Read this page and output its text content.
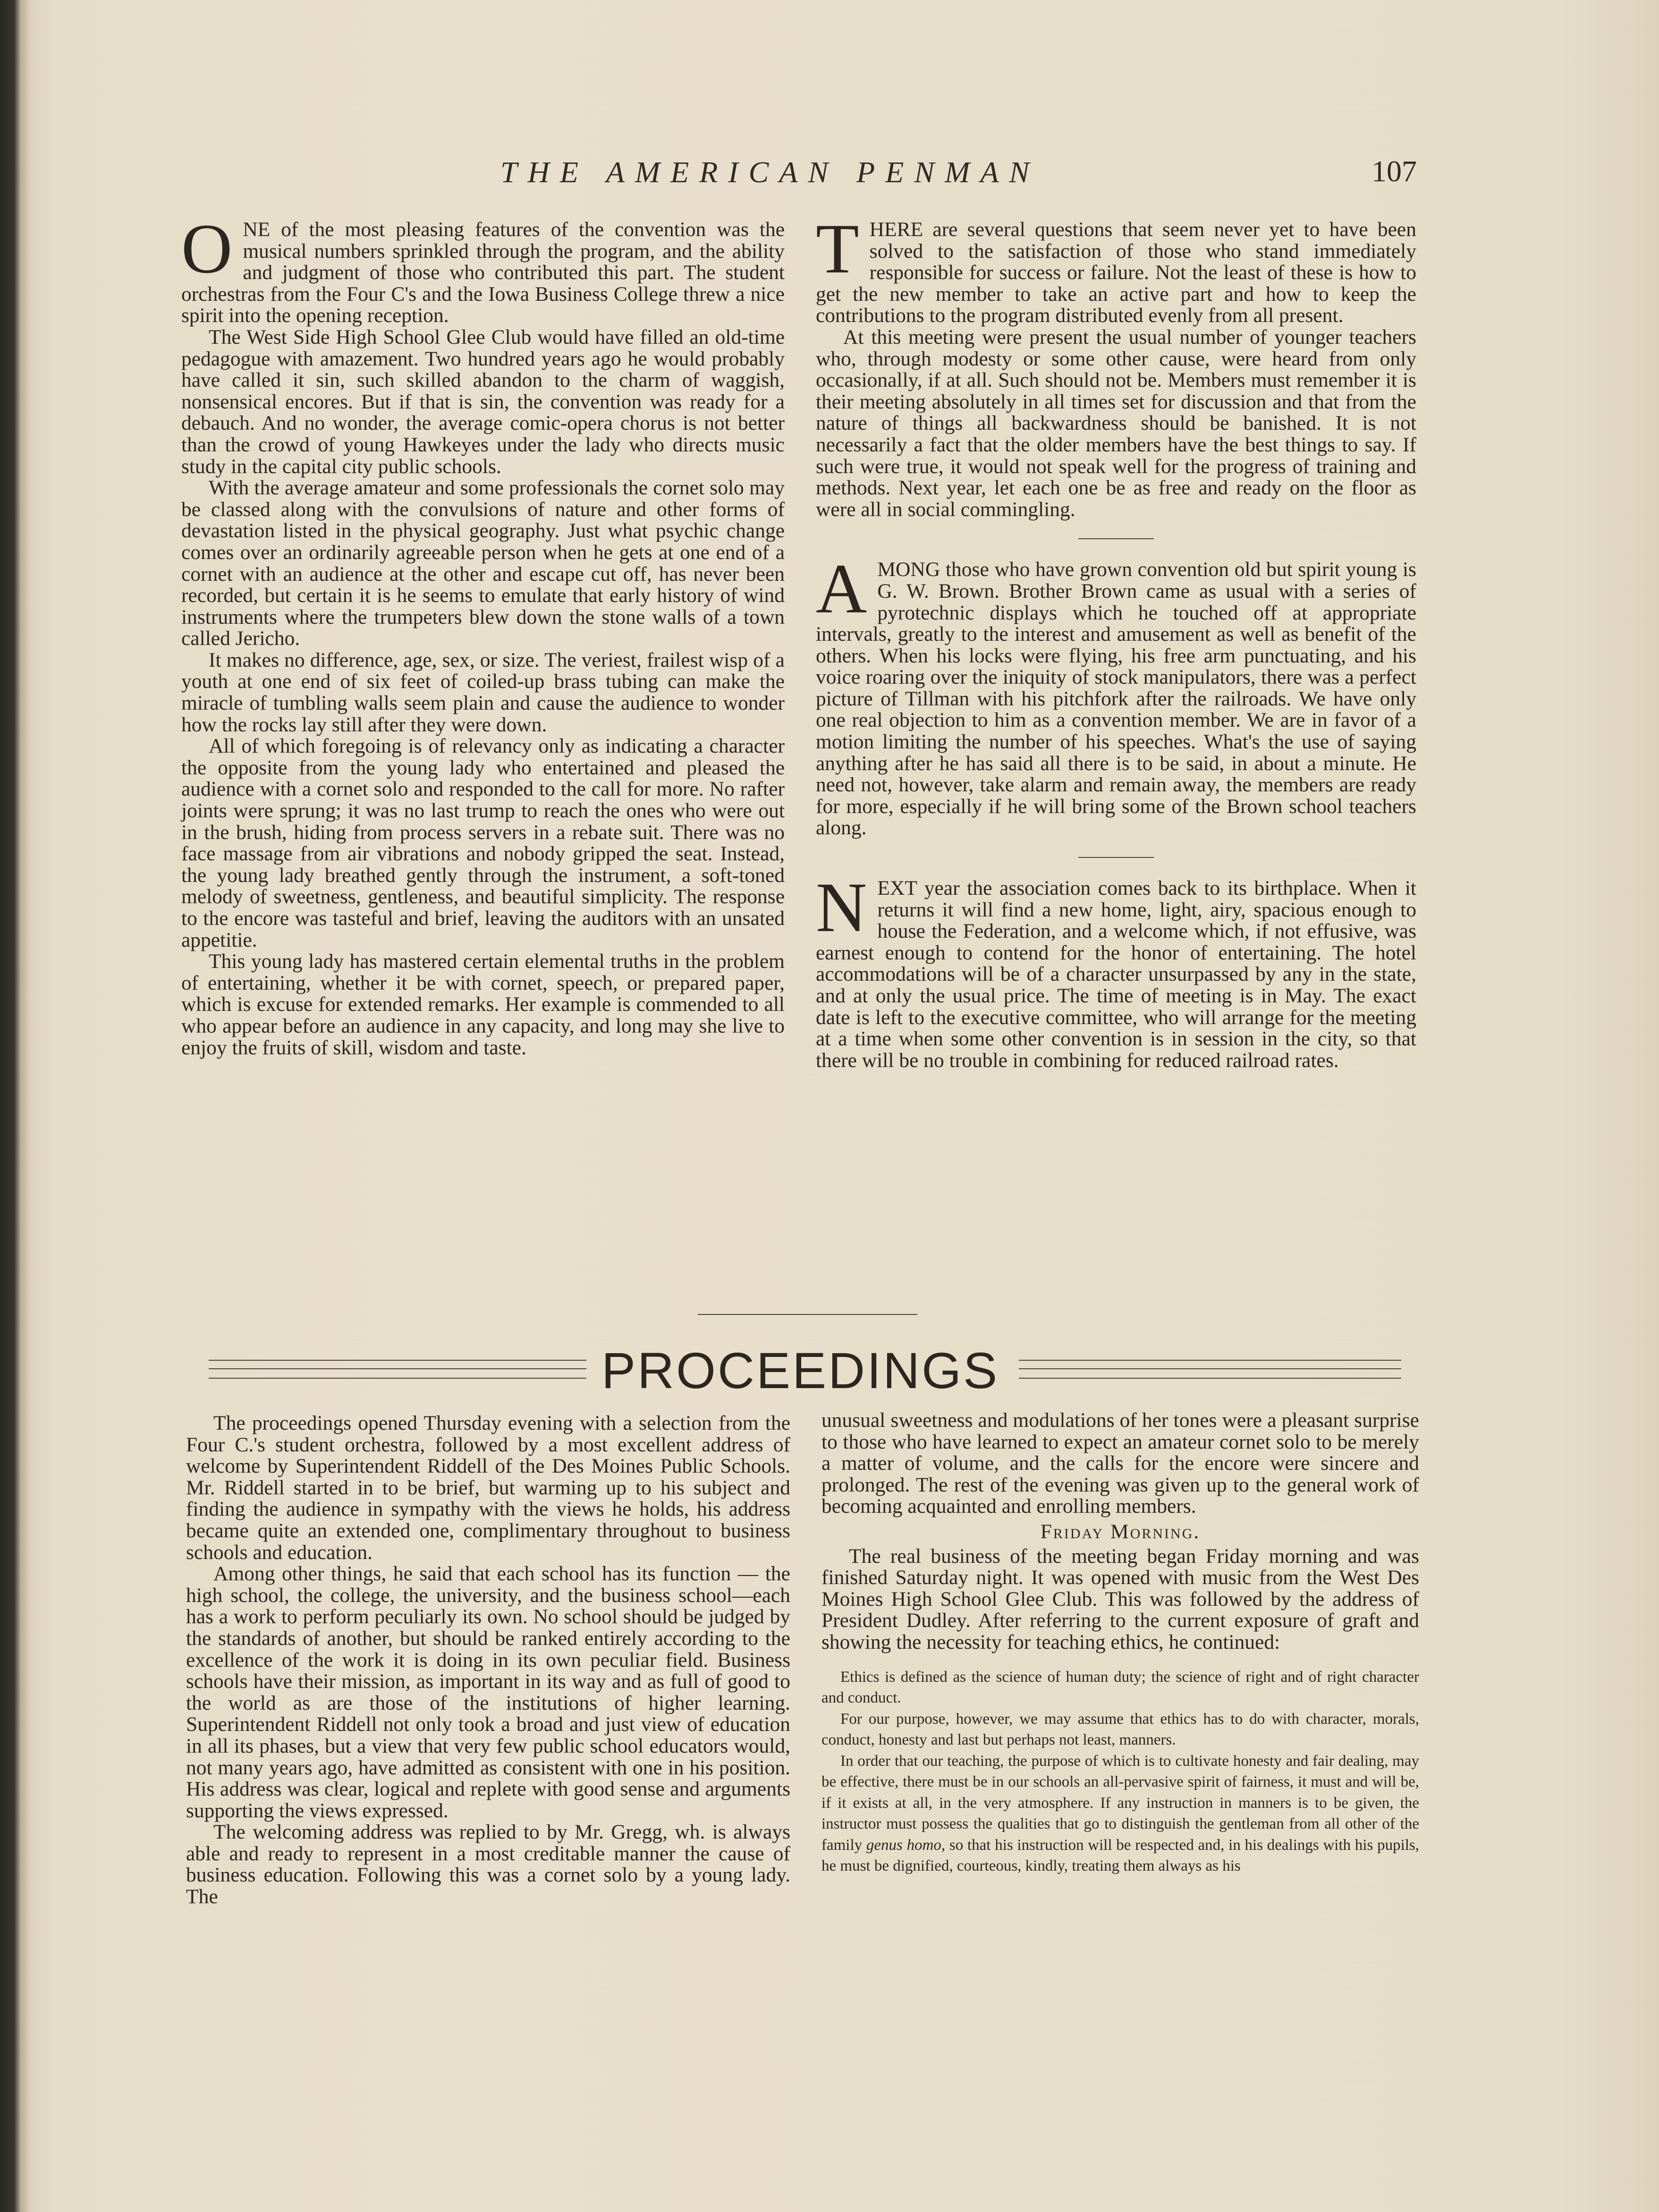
THE AMERICAN PENMAN	107

ONE of the most pleasing features of the convention was the musical numbers sprinkled through the program, and the ability and judgment of those who contributed this part. The student orchestras from the Four C's and the Iowa Business College threw a nice spirit into the opening reception.

The West Side High School Glee Club would have filled an old-time pedagogue with amazement. Two hundred years ago he would probably have called it sin, such skilled abandon to the charm of waggish, nonsensical encores. But if that is sin, the convention was ready for a debauch. And no wonder, the average comic-opera chorus is not better than the crowd of young Hawkeyes under the lady who directs music study in the capital city public schools.

With the average amateur and some professionals the cornet solo may be classed along with the convulsions of nature and other forms of devastation listed in the physical geography. Just what psychic change comes over an ordinarily agreeable person when he gets at one end of a cornet with an audience at the other and escape cut off, has never been recorded, but certain it is he seems to emulate that early history of wind instruments where the trumpeters blew down the stone walls of a town called Jericho.

It makes no difference, age, sex, or size. The veriest, frailest wisp of a youth at one end of six feet of coiled-up brass tubing can make the miracle of tumbling walls seem plain and cause the audience to wonder how the rocks lay still after they were down.

All of which foregoing is of relevancy only as indicating a character the opposite from the young lady who entertained and pleased the audience with a cornet solo and responded to the call for more. No rafter joints were sprung; it was no last trump to reach the ones who were out in the brush, hiding from process servers in a rebate suit. There was no face massage from air vibrations and nobody gripped the seat. Instead, the young lady breathed gently through the instrument, a soft-toned melody of sweetness, gentleness, and beautiful simplicity. The response to the encore was tasteful and brief, leaving the auditors with an unsated appetitie.

This young lady has mastered certain elemental truths in the problem of entertaining, whether it be with cornet, speech, or prepared paper, which is excuse for extended remarks. Her example is commended to all who appear before an audience in any capacity, and long may she live to enjoy the fruits of skill, wisdom and taste.

THERE are several questions that seem never yet to have been solved to the satisfaction of those who stand immediately responsible for success or failure. Not the least of these is how to get the new member to take an active part and how to keep the contributions to the program distributed evenly from all present.

At this meeting were present the usual number of younger teachers who, through modesty or some other cause, were heard from only occasionally, if at all. Such should not be. Members must remember it is their meeting absolutely in all times set for discussion and that from the nature of things all backwardness should be banished. It is not necessarily a fact that the older members have the best things to say. If such were true, it would not speak well for the progress of training and methods. Next year, let each one be as free and ready on the floor as were all in social commingling.

AMONG those who have grown convention old but spirit young is G. W. Brown. Brother Brown came as usual with a series of pyrotechnic displays which he touched off at appropriate intervals, greatly to the interest and amusement as well as benefit of the others. When his locks were flying, his free arm punctuating, and his voice roaring over the iniquity of stock manipulators, there was a perfect picture of Tillman with his pitchfork after the railroads. We have only one real objection to him as a convention member. We are in favor of a motion limiting the number of his speeches. What's the use of saying anything after he has said all there is to be said, in about a minute. He need not, however, take alarm and remain away, the members are ready for more, especially if he will bring some of the Brown school teachers along.

NEXT year the association comes back to its birthplace. When it returns it will find a new home, light, airy, spacious enough to house the Federation, and a welcome which, if not effusive, was earnest enough to contend for the honor of entertaining. The hotel accommodations will be of a character unsurpassed by any in the state, and at only the usual price. The time of meeting is in May. The exact date is left to the executive committee, who will arrange for the meeting at a time when some other convention is in session in the city, so that there will be no trouble in combining for reduced railroad rates.

PROCEEDINGS

The proceedings opened Thursday evening with a selection from the Four C.'s student orchestra, followed by a most excellent address of welcome by Superintendent Riddell of the Des Moines Public Schools. Mr. Riddell started in to be brief, but warming up to his subject and finding the audience in sympathy with the views he holds, his address became quite an extended one, complimentary throughout to business schools and education.

Among other things, he said that each school has its function — the high school, the college, the university, and the business school—each has a work to perform peculiarly its own. No school should be judged by the standards of another, but should be ranked entirely according to the excellence of the work it is doing in its own peculiar field. Business schools have their mission, as important in its way and as full of good to the world as are those of the institutions of higher learning. Superintendent Riddell not only took a broad and just view of education in all its phases, but a view that very few public school educators would, not many years ago, have admitted as consistent with one in his position. His address was clear, logical and replete with good sense and arguments supporting the views expressed.

The welcoming address was replied to by Mr. Gregg, wh. is always able and ready to represent in a most creditable manner the cause of business education. Following this was a cornet solo by a young lady. The

unusual sweetness and modulations of her tones were a pleasant surprise to those who have learned to expect an amateur cornet solo to be merely a matter of volume, and the calls for the encore were sincere and prolonged. The rest of the evening was given up to the general work of becoming acquainted and enrolling members.

Friday Morning.

The real business of the meeting began Friday morning and was finished Saturday night. It was opened with music from the West Des Moines High School Glee Club. This was followed by the address of President Dudley. After referring to the current exposure of graft and showing the necessity for teaching ethics, he continued:

Ethics is defined as the science of human duty; the science of right and of right character and conduct.

For our purpose, however, we may assume that ethics has to do with character, morals, conduct, honesty and last but perhaps not least, manners.

In order that our teaching, the purpose of which is to cultivate honesty and fair dealing, may be effective, there must be in our schools an all-pervasive spirit of fairness, it must and will be, if it exists at all, in the very atmosphere. If any instruction in manners is to be given, the instructor must possess the qualities that go to distinguish the gentleman from all other of the family genus homo, so that his instruction will be respected and, in his dealings with his pupils, he must be dignified, courteous, kindly, treating them always as his
